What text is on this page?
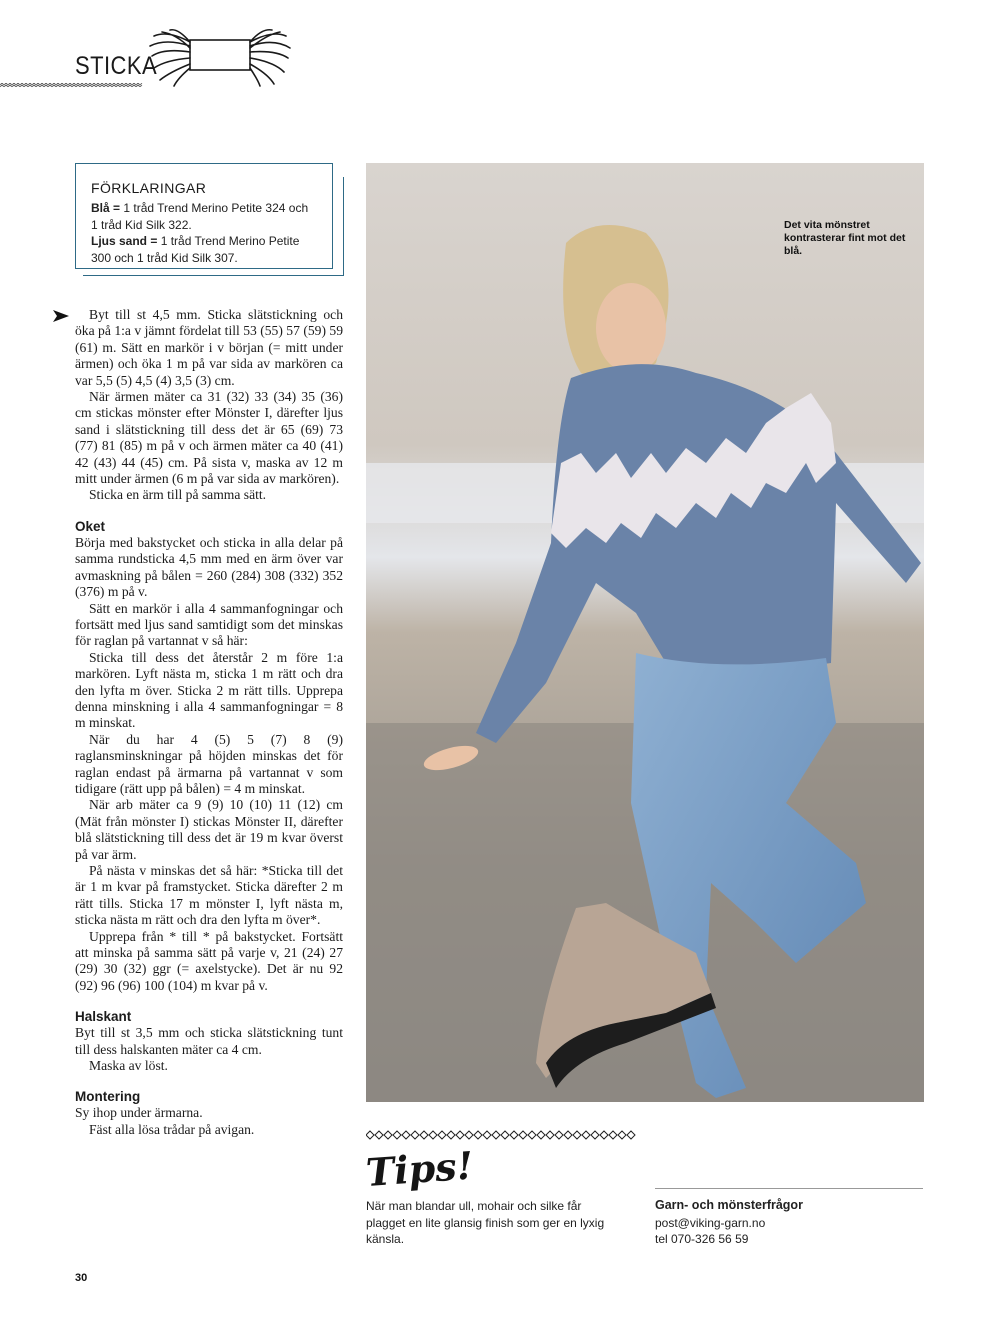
STICKA
FÖRKLARINGAR
Blå = 1 tråd Trend Merino Petite 324 och 1 tråd Kid Silk 322.
Ljus sand = 1 tråd Trend Merino Petite 300 och 1 tråd Kid Silk 307.

Byt till st 4,5 mm. Sticka slätstickning och öka på 1:a v jämnt fördelat till 53 (55) 57 (59) 59 (61) m. Sätt en markör i v början (= mitt under ärmen) och öka 1 m på var sida av markören ca var 5,5 (5) 4,5 (4) 3,5 (3) cm.

När ärmen mäter ca 31 (32) 33 (34) 35 (36) cm stickas mönster efter Mönster I, därefter ljus sand i slätstickning till dess det är 65 (69) 73 (77) 81 (85) m på v och ärmen mäter ca 40 (41) 42 (43) 44 (45) cm. På sista v, maska av 12 m mitt under ärmen (6 m på var sida av markören).

Sticka en ärm till på samma sätt.

Oket

Börja med bakstycket och sticka in alla delar på samma rundsticka 4,5 mm med en ärm över var avmaskning på bålen = 260 (284) 308 (332) 352 (376) m på v.

Sätt en markör i alla 4 sammanfogningar och fortsätt med ljus sand samtidigt som det minskas för raglan på vartannat v så här:

Sticka till dess det återstår 2 m före 1:a markören. Lyft nästa m, sticka 1 m rätt och dra den lyfta m över. Sticka 2 m rätt tills. Upprepa denna minskning i alla 4 sammanfogningar = 8 m minskat.

När du har 4 (5) 5 (7) 8 (9) raglansminskningar på höjden minskas det för raglan endast på ärmarna på vartannat v som tidigare (rätt upp på bålen) = 4 m minskat.

När arb mäter ca 9 (9) 10 (10) 11 (12) cm (Mät från mönster I) stickas Mönster II, därefter blå slätstickning till dess det är 19 m kvar överst på var ärm.

På nästa v minskas det så här: *Sticka till det är 1 m kvar på framstycket. Sticka därefter 2 m rätt tills. Sticka 17 m mönster I, lyft nästa m, sticka nästa m rätt och dra den lyfta m över*.

Upprepa från * till * på bakstycket. Fortsätt att minska på samma sätt på varje v, 21 (24) 27 (29) 30 (32) ggr (= axelstycke). Det är nu 92 (92) 96 (96) 100 (104) m kvar på v.

Halskant

Byt till st 3,5 mm och sticka slätstickning tunt till dess halskanten mäter ca 4 cm.

Maska av löst.

Montering

Sy ihop under ärmarna.

Fäst alla lösa trådar på avigan.

Det vita mönstret kontrasterar fint mot det blå.
Tips!
När man blandar ull, mohair och silke får plagget en lite glansig finish som ger en lyxig känsla.
Garn- och mönsterfrågor
post@viking-garn.no
tel 070-326 56 59
30
